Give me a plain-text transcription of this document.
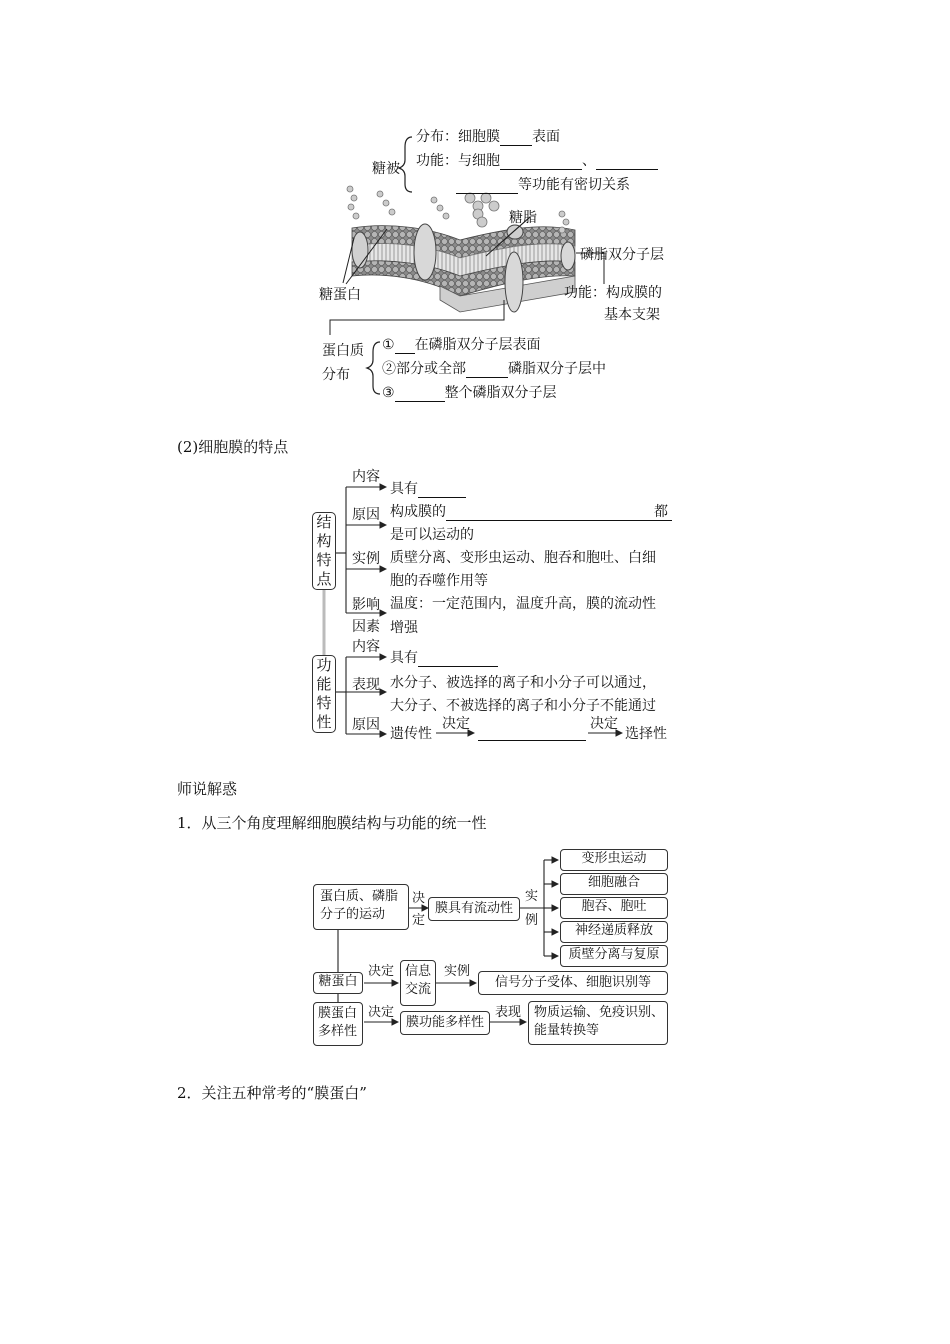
糖被
分布：细胞膜 表面
功能：与细胞	、
等功能有密切关系
糖脂
糖蛋白
磷脂双分子层
功能：构成膜的
基本支架
蛋白质
分布
① 在磷脂双分子层表面
②部分或全部	磷脂双分子层中
③	整个磷脂双分子层
(2)细胞膜的特点
结
构
特
点
功
能
特
性
内容
具有
原因 构成膜的	都
是可以运动的
实例 质壁分离、变形虫运动、胞吞和胞吐、白细
胞的吞噬作用等
影响
因素
温度：一定范围内，温度升高，膜的流动性
增强
内容
具有
表现 水分子、被选择的离子和小分子可以通过，
大分子、不被选择的离子和小分子不能通过
原因
遗传性
决定	决定
选择性
师说解惑
1．从三个角度理解细胞膜结构与功能的统一性
蛋白质、磷脂
分子的运动
决
定
膜具有流动性
实
例
变形虫运动
细胞融合
胞吞、胞吐
神经递质释放
质壁分离与复原
糖蛋白
决定 信息
交流
实例
信号分子受体、细胞识别等
膜蛋白
多样性
决定
膜功能多样性
表现 物质运输、免疫识别、
能量转换等
2．关注五种常考的“膜蛋白”
